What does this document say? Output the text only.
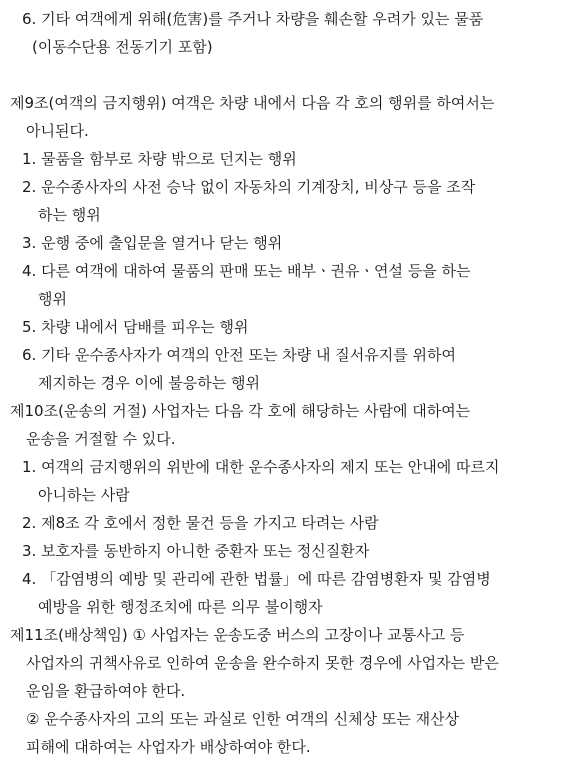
6. 기타 여객에게 위해(危害)를 주거나 차량을 훼손할 우려가 있는 물품
(이동수단용 전동기기 포함)
제9조(여객의 금지행위) 여객은 차량 내에서 다음 각 호의 행위를 하여서는
아니된다.
1. 물품을 함부로 차량 밖으로 던지는 행위
2. 운수종사자의 사전 승낙 없이 자동차의 기계장치, 비상구 등을 조작
하는 행위
3. 운행 중에 출입문을 열거나 닫는 행위
4. 다른 여객에 대하여 물품의 판매 또는 배부ㆍ권유ㆍ연설 등을 하는
행위
5. 차량 내에서 담배를 피우는 행위
6. 기타 운수종사자가 여객의 안전 또는 차량 내 질서유지를 위하여
제지하는 경우 이에 불응하는 행위
제10조(운송의 거절) 사업자는 다음 각 호에 해당하는 사람에 대하여는
운송을 거절할 수 있다.
1. 여객의 금지행위의 위반에 대한 운수종사자의 제지 또는 안내에 따르지
아니하는 사람
2. 제8조 각 호에서 정한 물건 등을 가지고 타려는 사람
3. 보호자를 동반하지 아니한 중환자 또는 정신질환자
4. 「감염병의 예방 및 관리에 관한 법률」에 따른 감염병환자 및 감염병
예방을 위한 행정조치에 따른 의무 불이행자
제11조(배상책임) ① 사업자는 운송도중 버스의 고장이나 교통사고 등
사업자의 귀책사유로 인하여 운송을 완수하지 못한 경우에 사업자는 받은
운임을 환급하여야 한다.
② 운수종사자의 고의 또는 과실로 인한 여객의 신체상 또는 재산상
피해에 대하여는 사업자가 배상하여야 한다.
